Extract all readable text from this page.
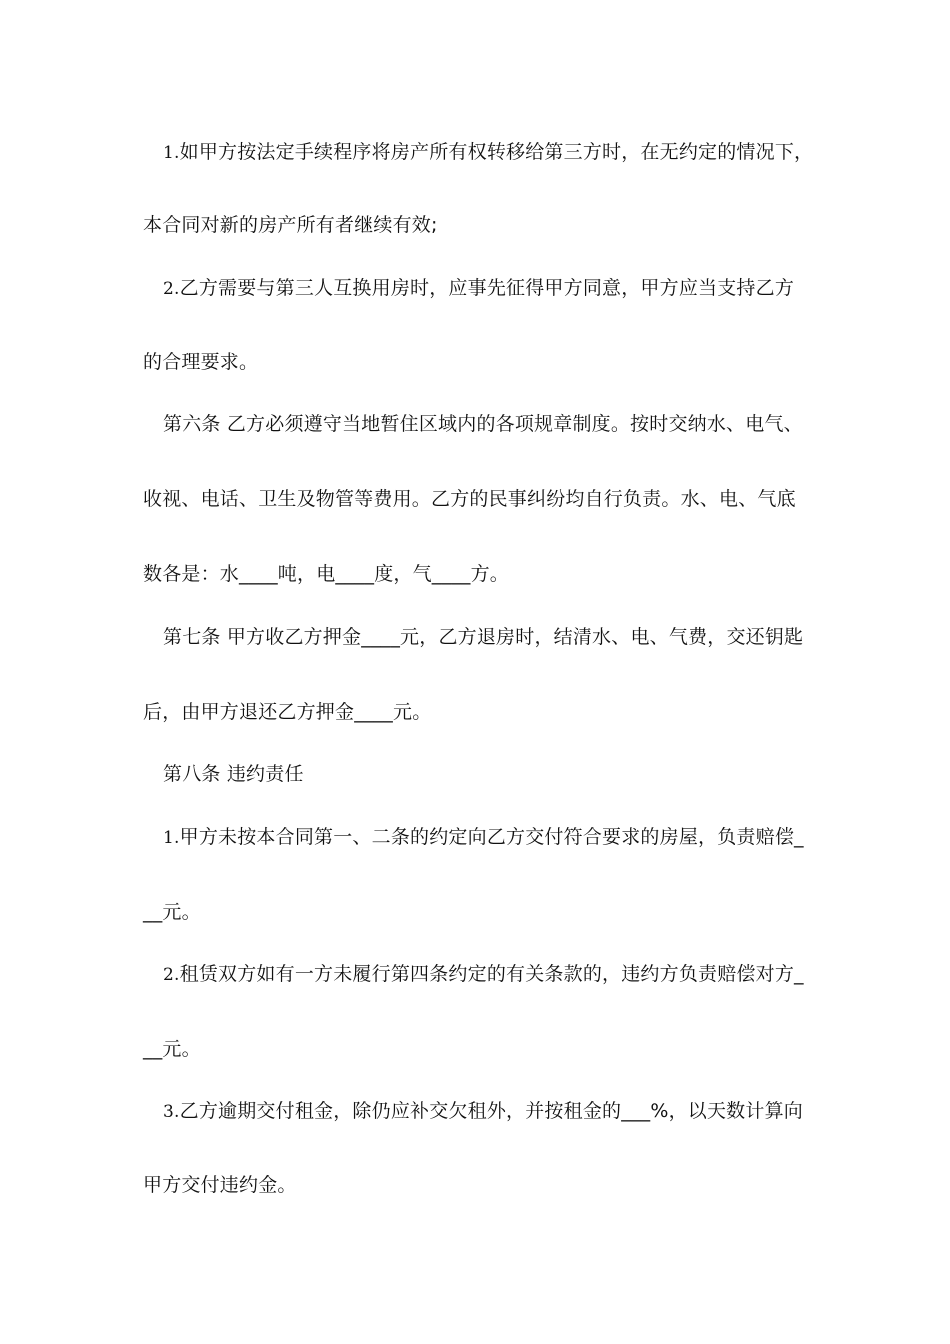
1.如甲方按法定手续程序将房产所有权转移给第三方时，在无约定的情况下，
本合同对新的房产所有者继续有效;
2.乙方需要与第三人互换用房时，应事先征得甲方同意，甲方应当支持乙方
的合理要求。
第六条 乙方必须遵守当地暂住区域内的各项规章制度。按时交纳水、电气、
收视、电话、卫生及物管等费用。乙方的民事纠纷均自行负责。水、电、气底
数各是：水____吨，电____度，气____方。
第七条 甲方收乙方押金____元，乙方退房时，结清水、电、气费，交还钥匙
后，由甲方退还乙方押金____元。
第八条 违约责任
1.甲方未按本合同第一、二条的约定向乙方交付符合要求的房屋，负责赔偿_
__元。
2.租赁双方如有一方未履行第四条约定的有关条款的，违约方负责赔偿对方_
__元。
3.乙方逾期交付租金，除仍应补交欠租外，并按租金的___%，以天数计算向
甲方交付违约金。
